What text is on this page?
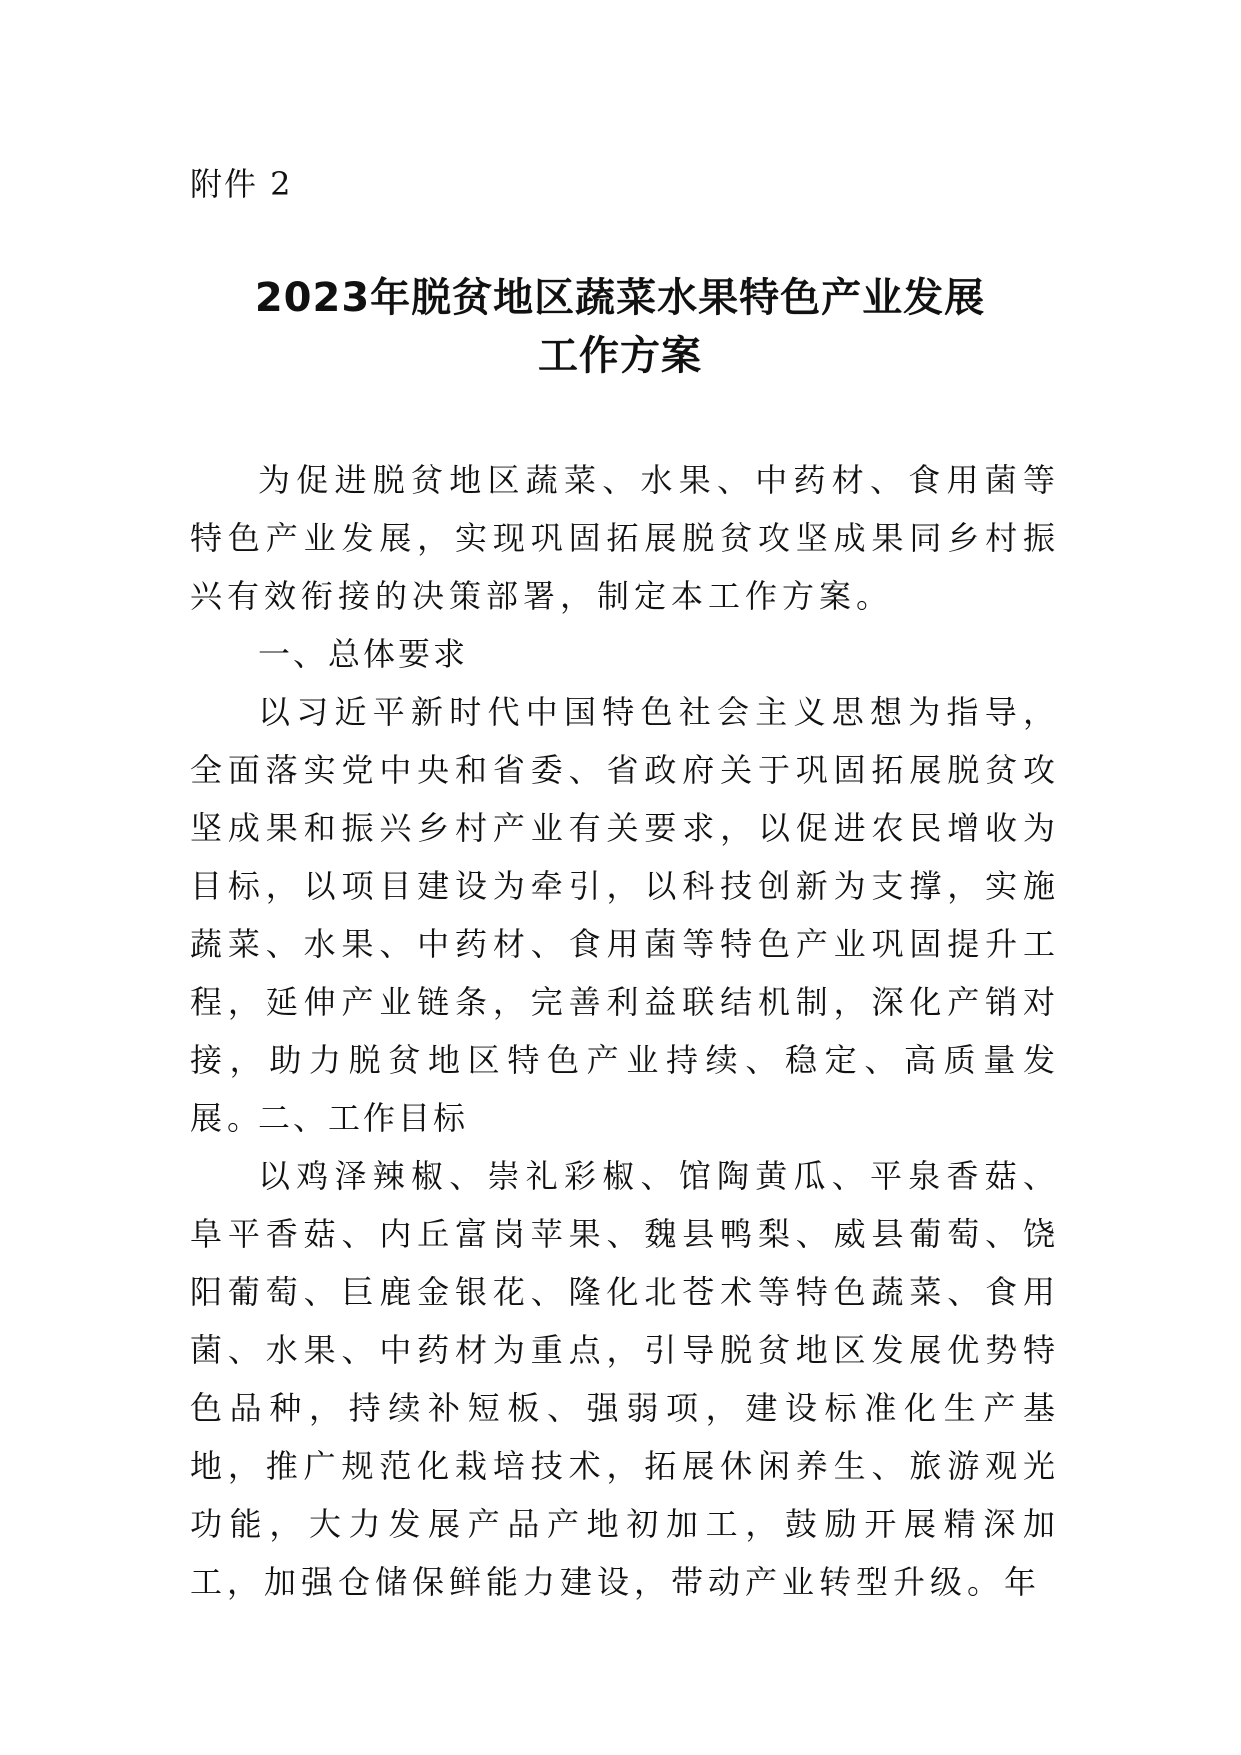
附件 2
2023年脱贫地区蔬菜水果特色产业发展
工作方案
为促进脱贫地区蔬菜、水果、中药材、食用菌等特色产业发展，实现巩固拓展脱贫攻坚成果同乡村振兴有效衔接的决策部署，制定本工作方案。
一、总体要求
以习近平新时代中国特色社会主义思想为指导，全面落实党中央和省委、省政府关于巩固拓展脱贫攻坚成果和振兴乡村产业有关要求，以促进农民增收为目标，以项目建设为牵引，以科技创新为支撑，实施蔬菜、水果、中药材、食用菌等特色产业巩固提升工程，延伸产业链条，完善利益联结机制，深化产销对接，助力脱贫地区特色产业持续、稳定、高质量发展。
二、工作目标
以鸡泽辣椒、崇礼彩椒、馆陶黄瓜、平泉香菇、阜平香菇、内丘富岗苹果、魏县鸭梨、威县葡萄、饶阳葡萄、巨鹿金银花、隆化北苍术等特色蔬菜、食用菌、水果、中药材为重点，引导脱贫地区发展优势特色品种，持续补短板、强弱项，建设标准化生产基地，推广规范化栽培技术，拓展休闲养生、旅游观光功能，大力发展产品产地初加工，鼓励开展精深加工，加强仓储保鲜能力建设，带动产业转型升级。年
